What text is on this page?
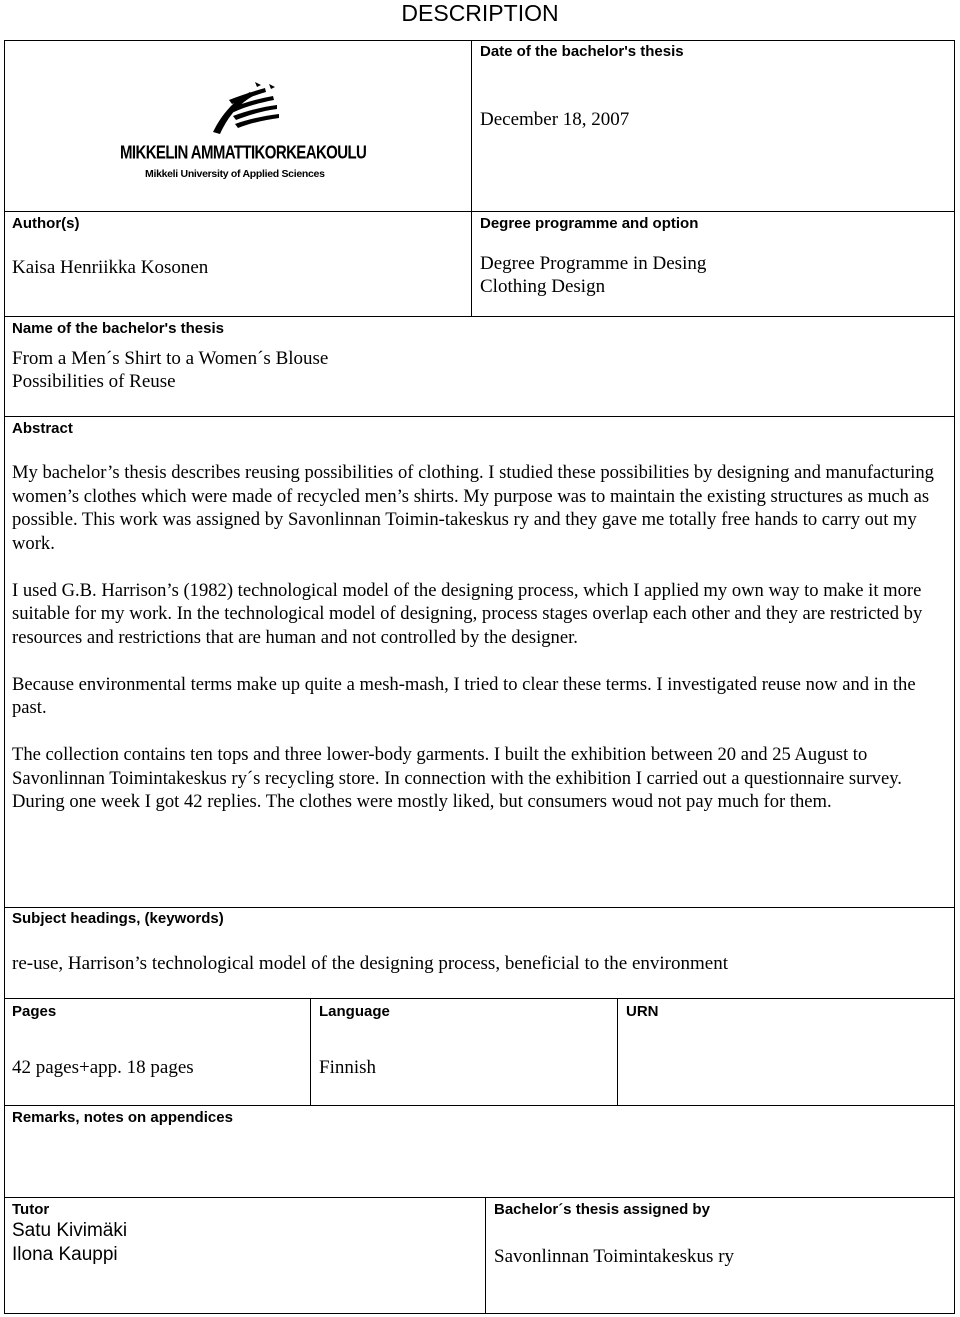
DESCRIPTION
MIKKELIN AMMATTIKORKEAKOULU
Mikkeli University of Applied Sciences
Date of the bachelor's thesis
December 18, 2007
Author(s)
Kaisa Henriikka Kosonen
Degree programme and option
Degree Programme in Desing
Clothing Design
Name of the bachelor's thesis
From a Men´s Shirt to a Women´s Blouse
Possibilities of Reuse
Abstract

My bachelor’s thesis describes reusing possibilities of clothing. I studied these possibilities by designing and manufacturing women’s clothes which were made of recycled men’s shirts. My purpose was to maintain the existing structures as much as possible. This work was assigned by Savonlinnan Toimin-takeskus ry and they gave me totally free hands to carry out my work.

I used G.B. Harrison’s (1982) technological model of the designing process, which I applied my own way to make it more suitable for my work. In the technological model of designing, process stages overlap each other and they are restricted by resources and restrictions that are human and not controlled by the designer.

Because environmental terms make up quite a mesh-mash, I tried to clear these terms. I investigated reuse now and in the past.

The collection contains ten tops and three lower-body garments. I built the exhibition between 20 and 25 August to Savonlinnan Toimintakeskus ry´s recycling store. In connection with the exhibition I carried out a questionnaire survey. During one week I got 42 replies. The clothes were mostly liked, but consumers woud not pay much for them.

Subject headings, (keywords)
re-use, Harrison’s technological model of the designing process, beneficial to the environment
Pages
42 pages+app. 18 pages
Language
Finnish
URN
Remarks, notes on appendices
Tutor
Satu Kivimäki
Ilona Kauppi
Bachelor´s thesis assigned by
Savonlinnan Toimintakeskus ry
